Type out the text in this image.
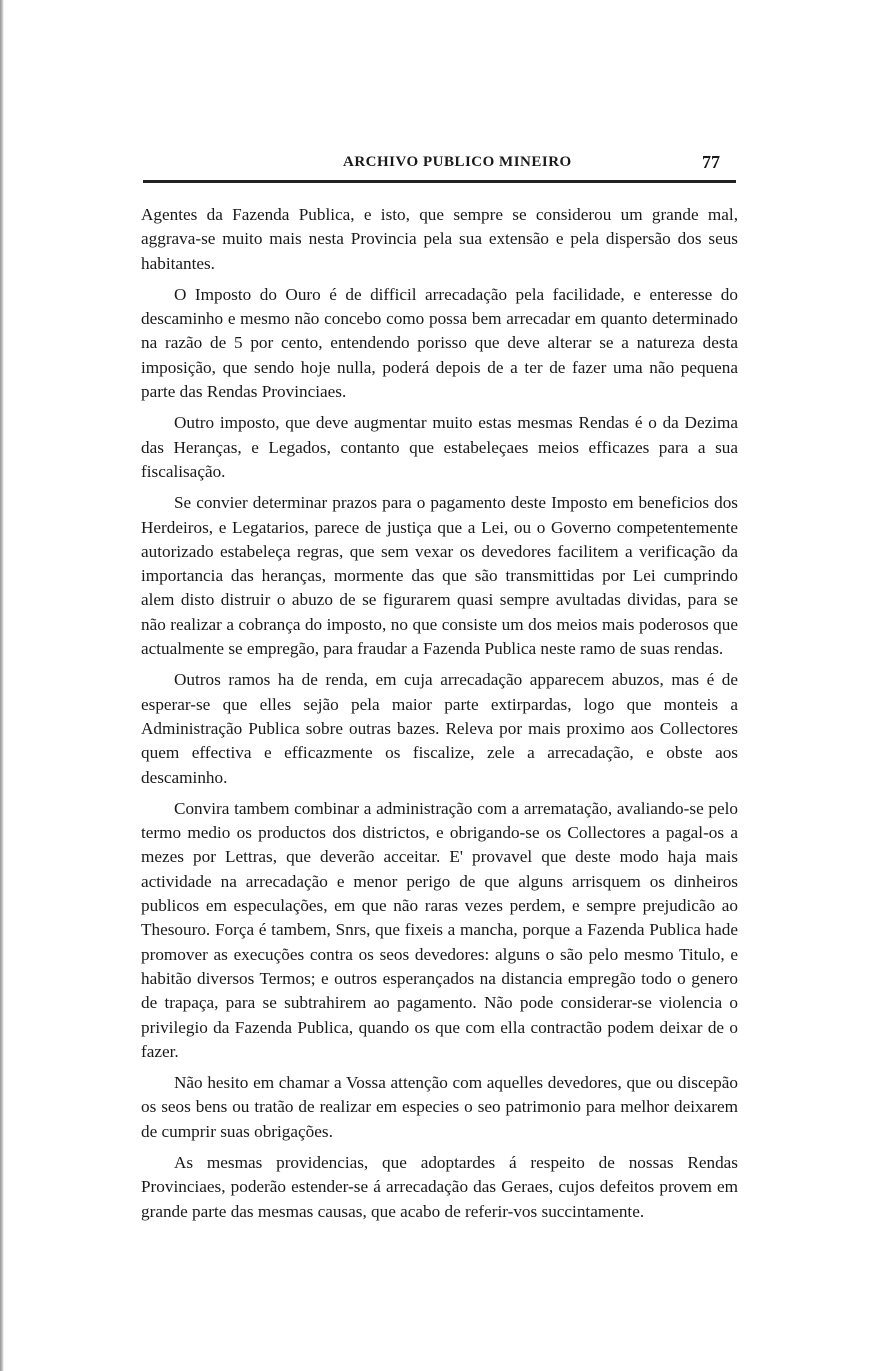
ARCHIVO PUBLICO MINEIRO	77

Agentes da Fazenda Publica, e isto, que sempre se considerou um grande mal, aggrava-se muito mais nesta Provincia pela sua extensão e pela dispersão dos seus habitantes.

O Imposto do Ouro é de difficil arrecadação pela facilidade, e enteresse do descaminho e mesmo não concebo como possa bem arrecadar em quanto determinado na razão de 5 por cento, entendendo porisso que deve alterar se a natureza desta imposição, que sendo hoje nulla, poderá depois de a ter de fazer uma não pequena parte das Rendas Provinciaes.

Outro imposto, que deve augmentar muito estas mesmas Rendas é o da Dezima das Heranças, e Legados, contanto que estabeleçaes meios efficazes para a sua fiscalisação.

Se convier determinar prazos para o pagamento deste Imposto em beneficios dos Herdeiros, e Legatarios, parece de justiça que a Lei, ou o Governo competentemente autorizado estabeleça regras, que sem vexar os devedores facilitem a verificação da importancia das heranças, mormente das que são transmittidas por Lei cumprindo alem disto distruir o abuzo de se figurarem quasi sempre avultadas dividas, para se não realizar a cobrança do imposto, no que consiste um dos meios mais poderosos que actualmente se empregão, para fraudar a Fazenda Publica neste ramo de suas rendas.

Outros ramos ha de renda, em cuja arrecadação apparecem abuzos, mas é de esperar-se que elles sejão pela maior parte extirpardas, logo que monteis a Administração Publica sobre outras bazes. Releva por mais proximo aos Collectores quem effectiva e efficazmente os fiscalize, zele a arrecadação, e obste aos descaminho.

Convira tambem combinar a administração com a arrematação, avaliando-se pelo termo medio os productos dos districtos, e obrigando-se os Collectores a pagal-os a mezes por Lettras, que deverão acceitar. E' provavel que deste modo haja mais actividade na arrecadação e menor perigo de que alguns arrisquem os dinheiros publicos em especulações, em que não raras vezes perdem, e sempre prejudicão ao Thesouro. Força é tambem, Snrs, que fixeis a mancha, porque a Fazenda Publica hade promover as execuções contra os seos devedores: alguns o são pelo mesmo Titulo, e habitão diversos Termos; e outros esperançados na distancia empregão todo o genero de trapaça, para se subtrahirem ao pagamento. Não pode considerar-se violencia o privilegio da Fazenda Publica, quando os que com ella contractão podem deixar de o fazer.

Não hesito em chamar a Vossa attenção com aquelles devedores, que ou discepão os seos bens ou tratão de realizar em especies o seo patrimonio para melhor deixarem de cumprir suas obrigações.

As mesmas providencias, que adoptardes á respeito de nossas Rendas Provinciaes, poderão estender-se á arrecadação das Geraes, cujos defeitos provem em grande parte das mesmas causas, que acabo de referir-vos succintamente.
